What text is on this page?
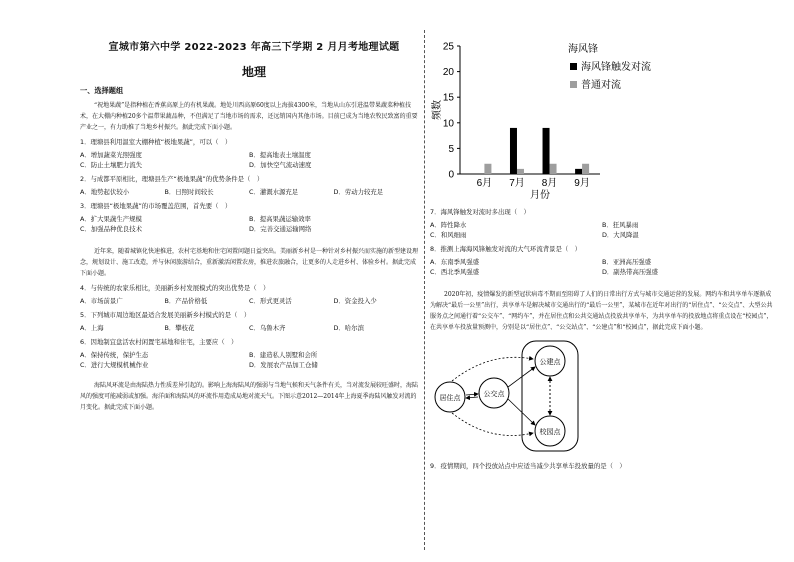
宣城市第六中学 2022-2023 年高三下学期 2 月月考地理试题
地理
一、选择题组
“祝地果蔬”是指种植在香蕉高原上的有机果蔬。地处川西高原60度以上海拔4300米，当地从山东引进温带果蔬菜种植技术，在大棚内种植20多个温带果蔬品种，不但满足了当地市场的需求，还远销国内其他市场。目前已成为当地农牧民致富的重要产业之一，有力助推了当地乡村振兴。据此完成下面小题。
1．理塘县利用温室大棚种植“极地果蔬”，可以（　）
A．增加蔬菜光照强度	B．提高地表土壤温度
C．防止土壤肥力流失	D．加快空气流动速度
2．与成都平原相比，理塘县生产“极地果蔬”的优势条件是（　）
A．地势起伏较小	B．日照时间较长	C．灌溉水源充足	D．劳动力较充足
3．理塘县“极地果蔬”的市场覆盖范围，首先要（　）
A．扩大果蔬生产规模	B．提高果蔬运输效率
C．加强品种优良技术	D．完善交通运输网络
近年来，随着城镇化快速推进，农村宅基地和住宅闲置问题日益突出。美丽新乡村是一种针对乡村振兴而实施的新型建设理念，规划设计、施工改造，并与休闲旅游结合，重新激活闲置农房，推进农旅融合，让更多的人走进乡村、体验乡村。据此完成下面小题。
4．与传统的农家乐相比，美丽新乡村发展模式的突出优势是（　）
A．市场前景广	B．产品价格低	C．形式更灵活	D．资金投入少
5．下列城市周边地区最适合发展美丽新乡村模式的是（　）
A．上海	B．攀枝花	C．乌鲁木齐	D．哈尔滨
6．因地制宜盘活农村闲置宅基地和住宅，主要应（　）
A．保持传统，保护生态	B．建造私人别墅和会所
C．进行大规模机械作业	D．发展农产品加工仓储
海陆风环流是由海陆热力性质差异引起的。影响上海海陆风的强弱与当地气候和天气条件有关，当对流发展较旺盛时，海陆风的强度可能减弱或加强。海洋面和海陆风的环流作用造成局地对流天气。下图示意2012—2014年上海夏季海陆风触发对流的月变化。据此完成下面小题。
0
5
10
15
20
25
频数
6月 7月 8月 9月
月份
海风锋
海风锋触发对流
普通对流
7．海风锋触发对流时多出现（　）
A．阵性降水	B．狂风暴雨
C．和风细雨	D．大风降温
8．推测上海海风锋触发对流的大气环流背景是（　）
A．东南季风强盛	B．亚洲高压强盛
C．西北季风强盛	D．副热带高压强盛
2020年初，疫情爆发的新型冠状病毒不期而至阻碍了人们的日常出行方式与城市交通运营的发展。网约车和共享单车逐渐成为解决“最后一公里”出行，共享单车是解决城市交通出行的“最后一公里”，某城市在近年对出行的“居住点”、“公交点”、大型公共服务点之间通行着“公交车”、“网约车”，并在居住点和公共交通站点投放共享单车，为共享单车的投放地点将重点设在“校园点”，在共享单车投放量预测中，分别是以“居住点”、“公交站点”、“公建点”和“校园点”，据此完成下面小题。
居住点
公交点
公建点
校园点
9．疫情期间，四个投放站点中应适当减少共享单车投放量的是（　）
